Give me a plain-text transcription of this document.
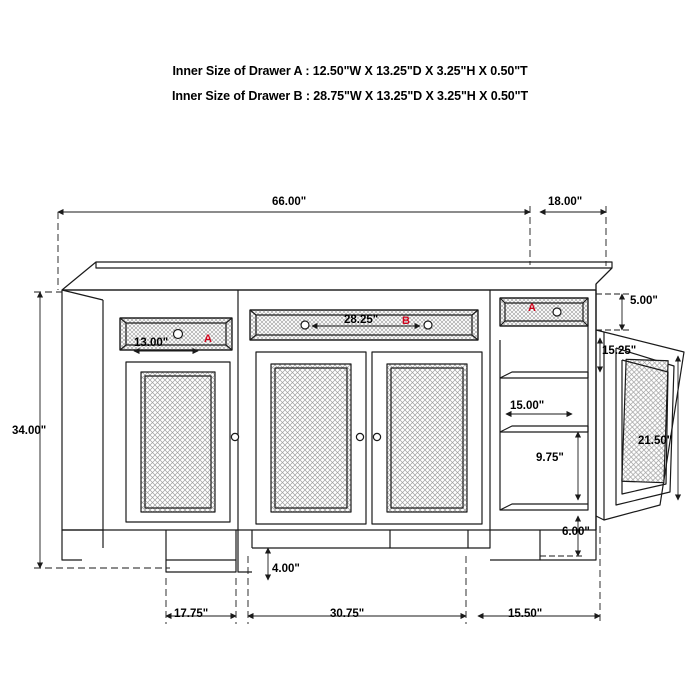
Inner Size of Drawer A : 12.50"W X 13.25"D X 3.25"H X 0.50"T
Inner Size of Drawer B : 28.75"W X 13.25"D X 3.25"H X 0.50"T
66.00"	18.00"
34.00"
13.00"
28.25"
5.00"
15.25"
15.00"
9.75"
21.50"
6.00"
4.00"
17.75"	30.75"	15.50"
A
B
A
